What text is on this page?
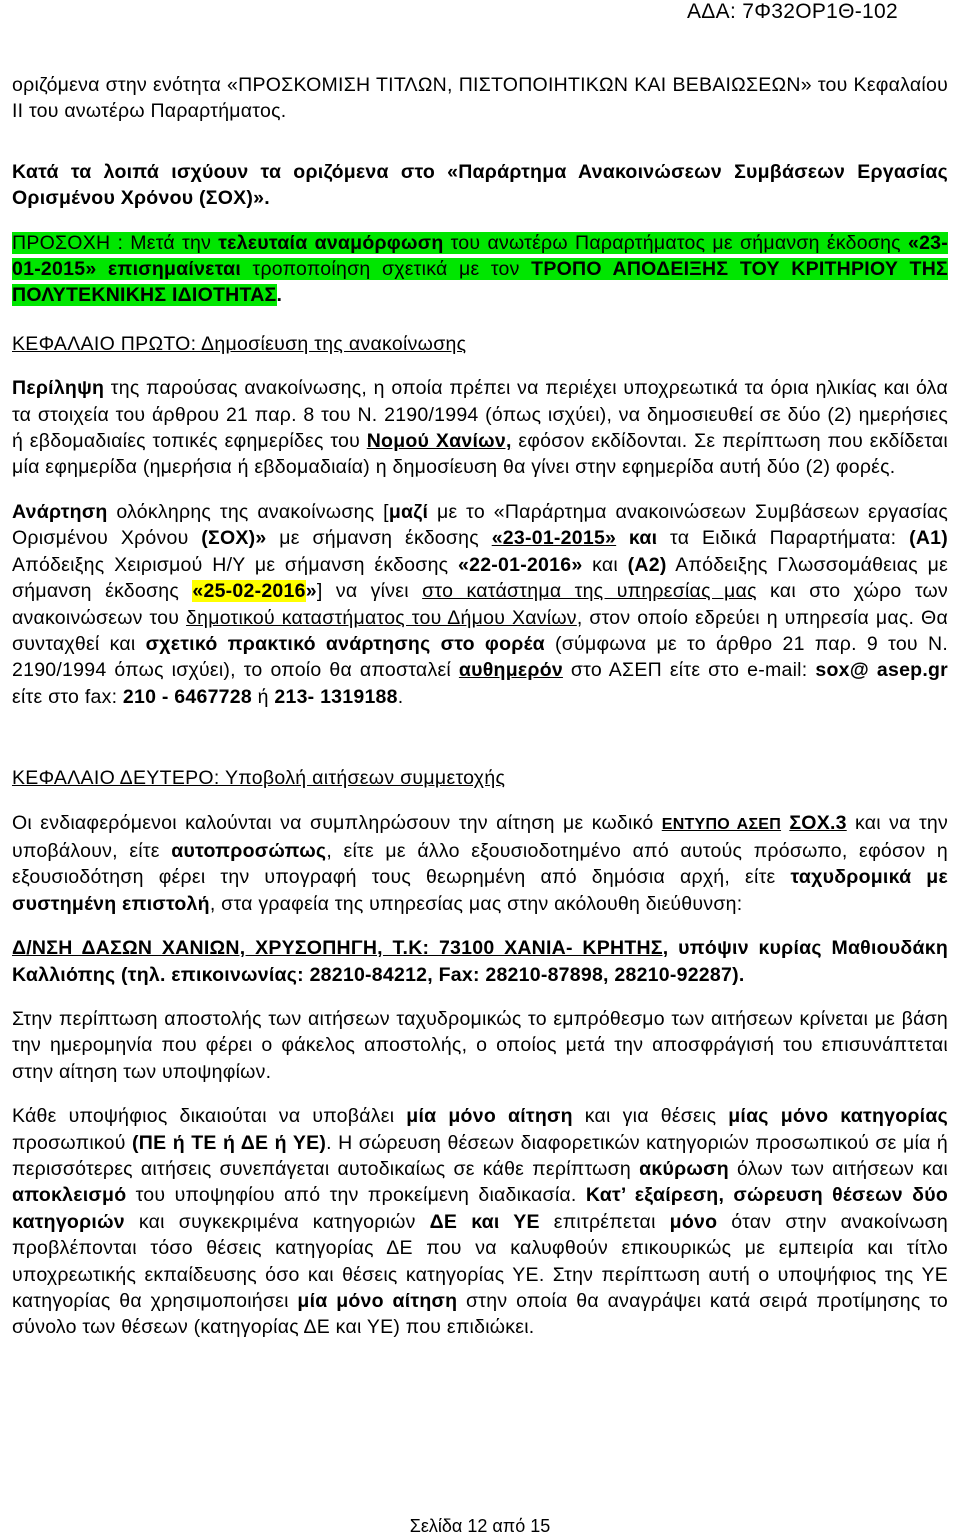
ΑΔΑ: 7Φ32ΟΡ1Θ-102

οριζόμενα στην ενότητα «ΠΡΟΣΚΟΜΙΣΗ ΤΙΤΛΩΝ, ΠΙΣΤΟΠΟΙΗΤΙΚΩΝ ΚΑΙ ΒΕΒΑΙΩΣΕΩΝ» του Κεφαλαίου ΙΙ του ανωτέρω Παραρτήματος.

Κατά τα λοιπά ισχύουν τα οριζόμενα στο «Παράρτημα Ανακοινώσεων Συμβάσεων Εργασίας Ορισμένου Χρόνου (ΣΟΧ)».

ΠΡΟΣΟΧΗ : Μετά την τελευταία αναμόρφωση του ανωτέρω Παραρτήματος με σήμανση έκδοσης «23-01-2015» επισημαίνεται τροποποίηση σχετικά με τον ΤΡΟΠΟ ΑΠΟΔΕΙΞΗΣ ΤΟΥ ΚΡΙΤΗΡΙΟΥ ΤΗΣ ΠΟΛΥΤΕΚΝΙΚΗΣ ΙΔΙΟΤΗΤΑΣ.

ΚΕΦΑΛΑΙΟ ΠΡΩΤΟ: Δημοσίευση της ανακοίνωσης

Περίληψη της παρούσας ανακοίνωσης, η οποία πρέπει να περιέχει υποχρεωτικά τα όρια ηλικίας και όλα τα στοιχεία του άρθρου 21 παρ. 8 του Ν. 2190/1994 (όπως ισχύει), να δημοσιευθεί σε δύο (2) ημερήσιες ή εβδομαδιαίες τοπικές εφημερίδες του Νομού Χανίων, εφόσον εκδίδονται. Σε περίπτωση που εκδίδεται μία εφημερίδα (ημερήσια ή εβδομαδιαία) η δημοσίευση θα γίνει στην εφημερίδα αυτή δύο (2) φορές.

Ανάρτηση ολόκληρης της ανακοίνωσης [μαζί με το «Παράρτημα ανακοινώσεων Συμβάσεων εργασίας Ορισμένου Χρόνου (ΣΟΧ)» με σήμανση έκδοσης «23-01-2015» και τα Ειδικά Παραρτήματα: (Α1) Απόδειξης Χειρισμού Η/Υ με σήμανση έκδοσης «22-01-2016» και (Α2) Απόδειξης Γλωσσομάθειας με σήμανση έκδοσης «25-02-2016»] να γίνει στο κατάστημα της υπηρεσίας μας και στο χώρο των ανακοινώσεων του δημοτικού καταστήματος του Δήμου Χανίων, στον οποίο εδρεύει η υπηρεσία μας. Θα συνταχθεί και σχετικό πρακτικό ανάρτησης στο φορέα (σύμφωνα με το άρθρο 21 παρ. 9 του Ν. 2190/1994 όπως ισχύει), το οποίο θα αποσταλεί αυθημερόν στο ΑΣΕΠ είτε στο e-mail: sox@ asep.gr είτε στο fax: 210 - 6467728 ή 213- 1319188.

ΚΕΦΑΛΑΙΟ ΔΕΥΤΕΡΟ: Υποβολή αιτήσεων συμμετοχής

Οι ενδιαφερόμενοι καλούνται να συμπληρώσουν την αίτηση με κωδικό ΕΝΤΥΠΟ ΑΣΕΠ ΣΟΧ.3 και να την υποβάλουν, είτε αυτοπροσώπως, είτε με άλλο εξουσιοδοτημένο από αυτούς πρόσωπο, εφόσον η εξουσιοδότηση φέρει την υπογραφή τους θεωρημένη από δημόσια αρχή, είτε ταχυδρομικά με συστημένη επιστολή, στα γραφεία της υπηρεσίας μας στην ακόλουθη διεύθυνση:

Δ/ΝΣΗ ΔΑΣΩΝ ΧΑΝΙΩΝ, ΧΡΥΣΟΠΗΓΗ, Τ.Κ: 73100 ΧΑΝΙΑ- ΚΡΗΤΗΣ, υπόψιν κυρίας Μαθιουδάκη Καλλιόπης (τηλ. επικοινωνίας: 28210-84212, Fax: 28210-87898, 28210-92287).

Στην περίπτωση αποστολής των αιτήσεων ταχυδρομικώς το εμπρόθεσμο των αιτήσεων κρίνεται με βάση την ημερομηνία που φέρει ο φάκελος αποστολής, ο οποίος μετά την αποσφράγισή του επισυνάπτεται στην αίτηση των υποψηφίων.

Κάθε υποψήφιος δικαιούται να υποβάλει μία μόνο αίτηση και για θέσεις μίας μόνο κατηγορίας προσωπικού (ΠΕ ή ΤΕ ή ΔΕ ή ΥΕ). Η σώρευση θέσεων διαφορετικών κατηγοριών προσωπικού σε μία ή περισσότερες αιτήσεις συνεπάγεται αυτοδικαίως σε κάθε περίπτωση ακύρωση όλων των αιτήσεων και αποκλεισμό του υποψηφίου από την προκείμενη διαδικασία. Κατ’ εξαίρεση, σώρευση θέσεων δύο κατηγοριών και συγκεκριμένα κατηγοριών ΔΕ και ΥΕ επιτρέπεται μόνο όταν στην ανακοίνωση προβλέπονται τόσο θέσεις κατηγορίας ΔΕ που να καλυφθούν επικουρικώς με εμπειρία και τίτλο υποχρεωτικής εκπαίδευσης όσο και θέσεις κατηγορίας ΥΕ. Στην περίπτωση αυτή ο υποψήφιος της ΥΕ κατηγορίας θα χρησιμοποιήσει μία μόνο αίτηση στην οποία θα αναγράψει κατά σειρά προτίμησης το σύνολο των θέσεων (κατηγορίας ΔΕ και ΥΕ) που επιδιώκει.

Σελίδα 12 από 15
